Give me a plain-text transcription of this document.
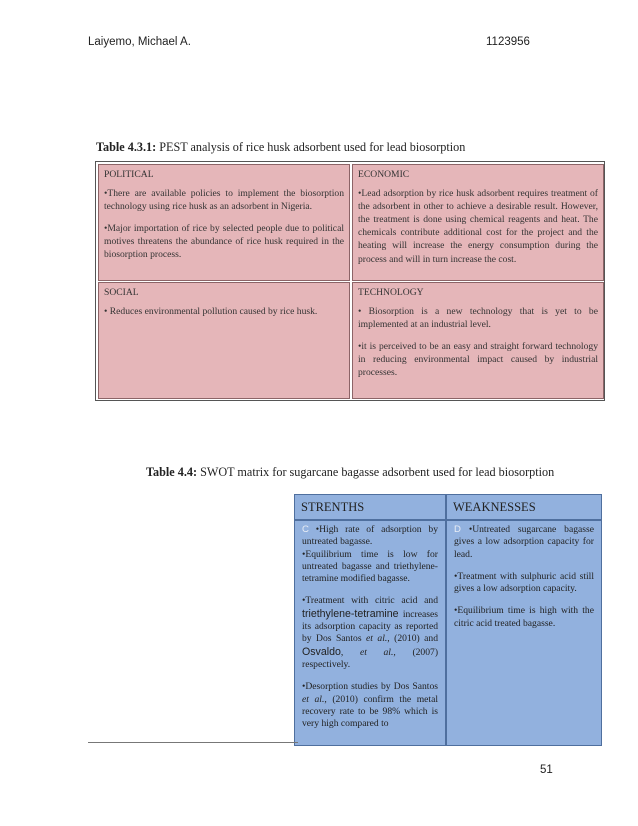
Laiyemo, Michael A.	1123956
Table 4.3.1: PEST analysis of rice husk adsorbent used for lead biosorption

POLITICAL

•There are available policies to implement the biosorption technology using rice husk as an adsorbent in Nigeria.

•Major importation of rice by selected people due to political motives threatens the abundance of rice husk required in the biosorption process.

ECONOMIC

•Lead adsorption by rice husk adsorbent requires treatment of the adsorbent in other to achieve a desirable result. However, the treatment is done using chemical reagents and heat. The chemicals contribute additional cost for the project and the heating will increase the energy consumption during the process and will in turn increase the cost.

SOCIAL

• Reduces environmental pollution caused by rice husk.

TECHNOLOGY

• Biosorption is a new technology that is yet to be implemented at an industrial level.

•it is perceived to be an easy and straight forward technology in reducing environmental impact caused by industrial processes.

Table 4.4: SWOT matrix for sugarcane bagasse adsorbent used for lead biosorption
STRENTHS	WEAKNESSES

C •High rate of adsorption by untreated bagasse.

•Equilibrium time is low for untreated bagasse and triethylene-tetramine modified bagasse.

•Treatment with citric acid and triethylene-tetramine increases its adsorption capacity as reported by Dos Santos et al., (2010) and Osvaldo, et al., (2007) respectively.

•Desorption studies by Dos Santos et al., (2010) confirm the metal recovery rate to be 98% which is very high compared to

D •Untreated sugarcane bagasse gives a low adsorption capacity for lead.

•Treatment with sulphuric acid still gives a low adsorption capacity.

•Equilibrium time is high with the citric acid treated bagasse.

51
